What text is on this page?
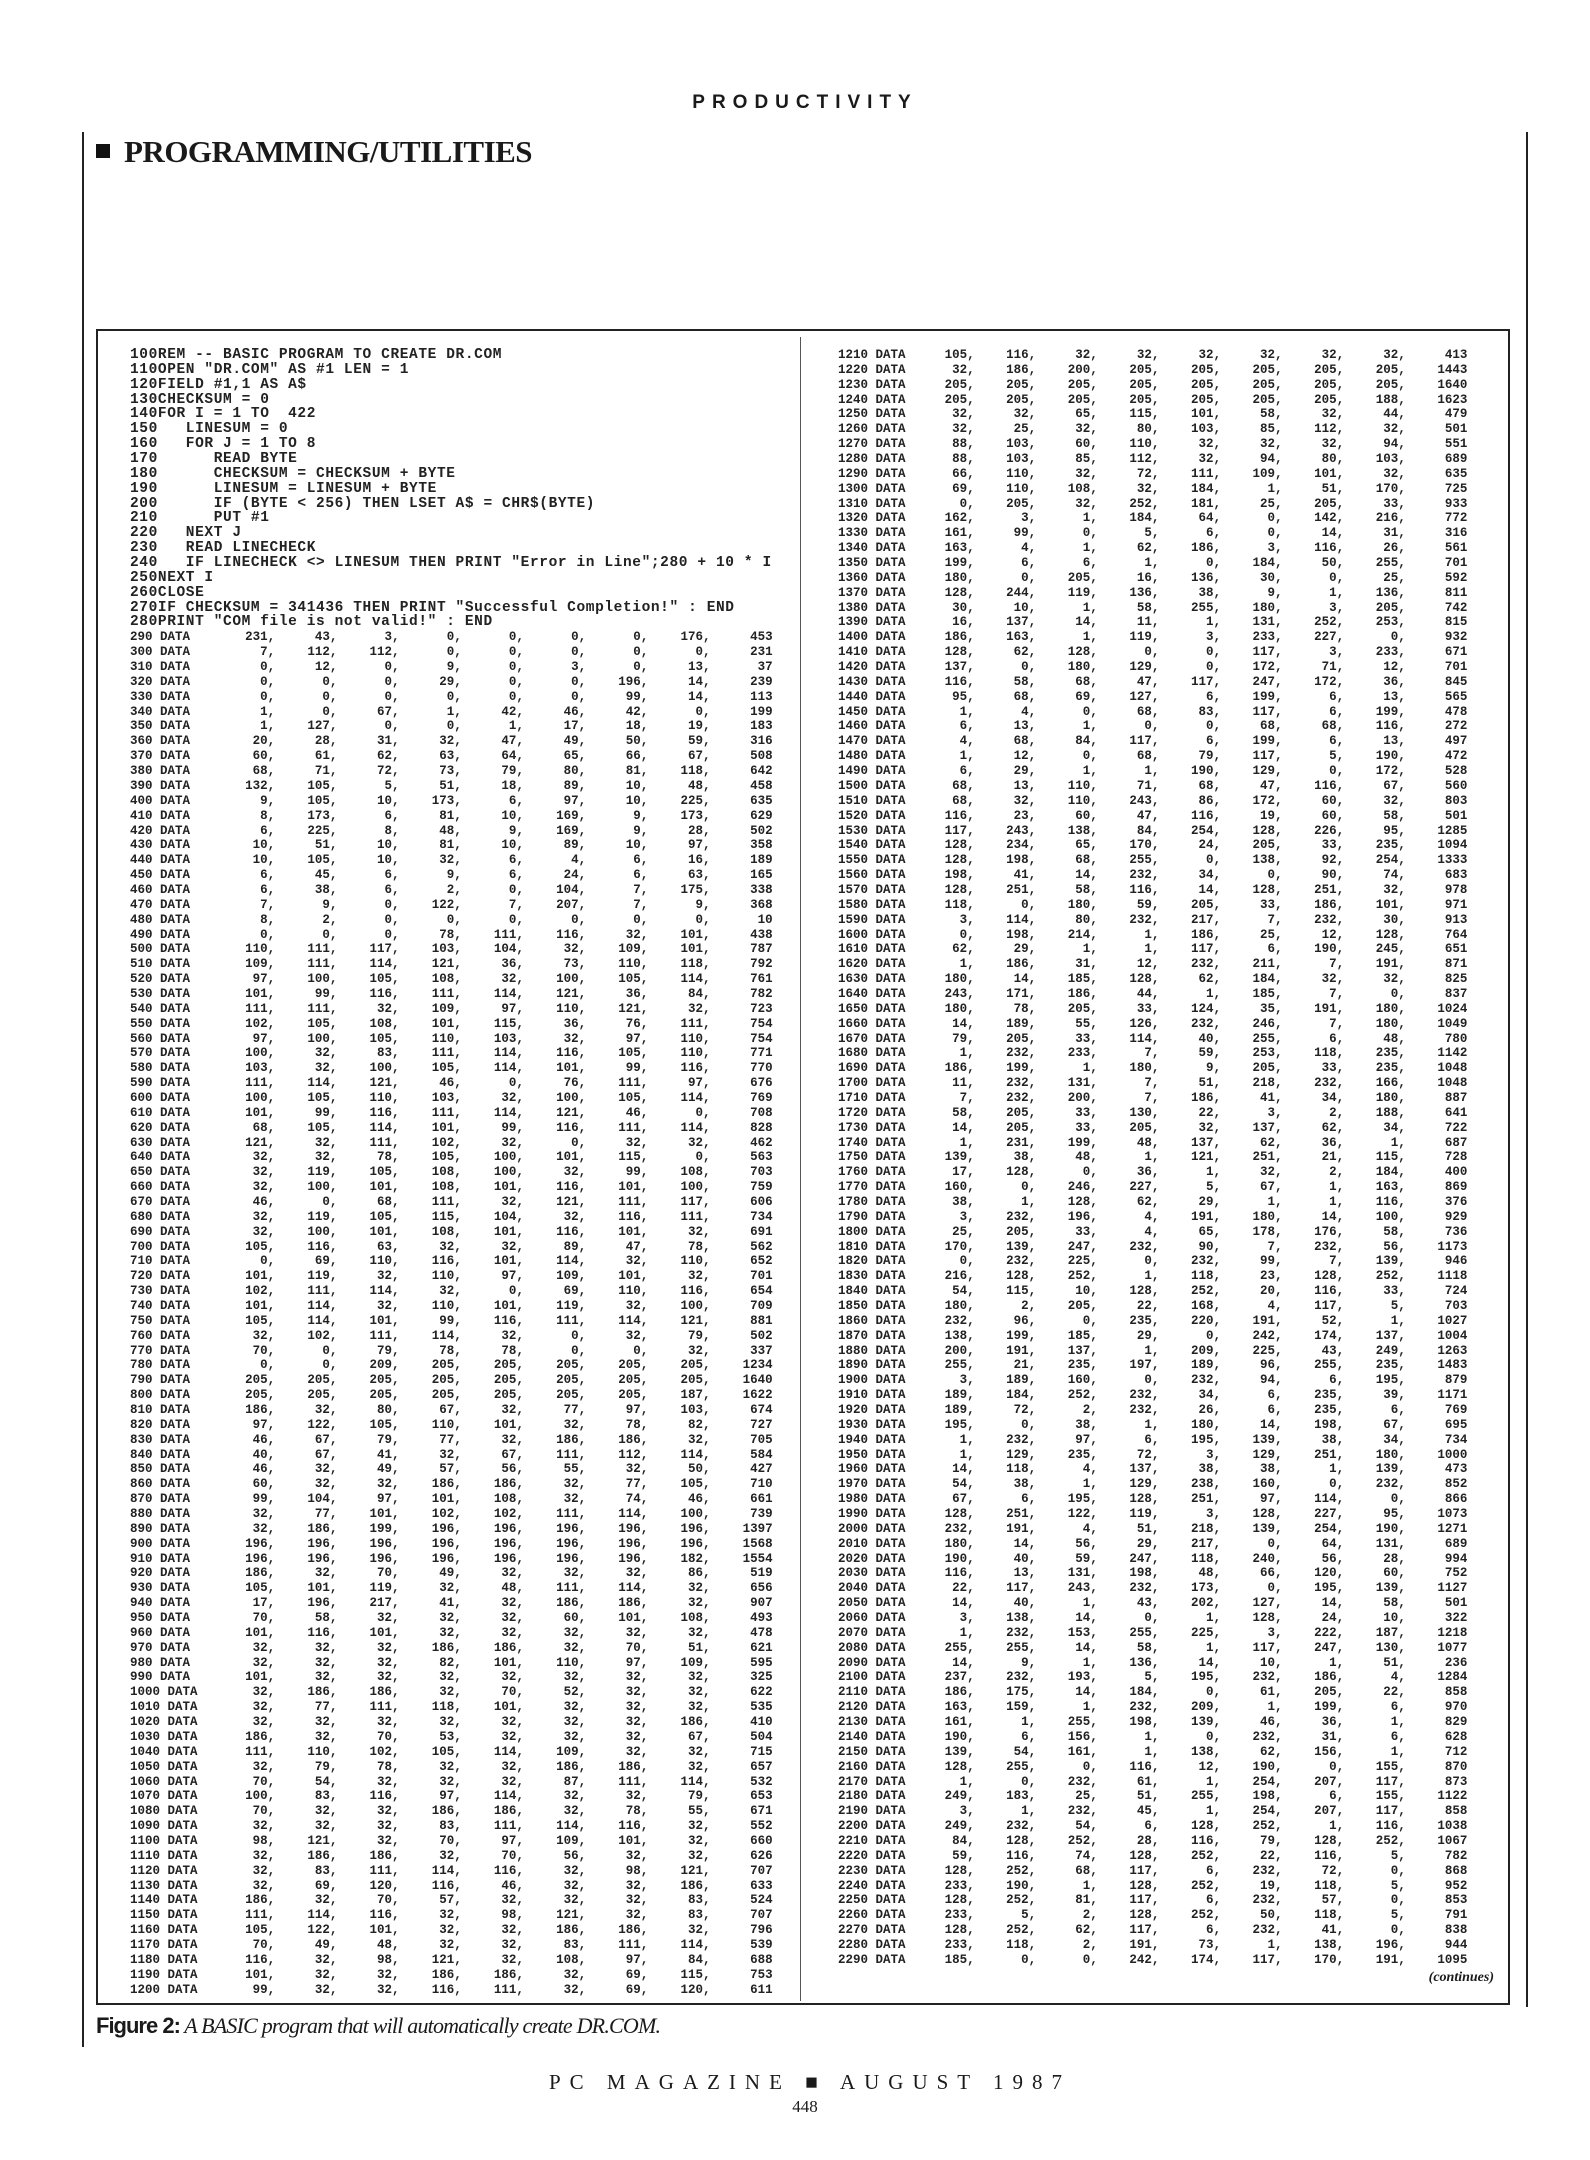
PRODUCTIVITY
PROGRAMMING/UTILITIES
100 REM -- BASIC PROGRAM TO CREATE DR.COM
110 OPEN "DR.COM" AS #1 LEN = 1
120 FIELD #1,1 AS A$
130 CHECKSUM = 0
140 FOR I = 1 TO  422
150 LINESUM = 0
160 FOR J = 1 TO 8
170 READ BYTE
180 CHECKSUM = CHECKSUM + BYTE
190 LINESUM = LINESUM + BYTE
200 IF (BYTE < 256) THEN LSET A$ = CHR$(BYTE)
210 PUT #1
220 NEXT J
230 READ LINECHECK
240 IF LINECHECK <> LINESUM THEN PRINT "Error in Line";280 + 10 * I
250 NEXT I
260 CLOSE
270 IF CHECKSUM = 341436 THEN PRINT "Successful Completion!" : END
280 PRINT "COM file is not valid!" : END
290 DATA	231 ,	43 ,	3 ,	0 ,	0 ,	0 ,	0 ,	176 ,	453
300 DATA	7 ,	112 ,	112 ,	0 ,	0 ,	0 ,	0 ,	0 ,	231
310 DATA	0 ,	12 ,	0 ,	9 ,	0 ,	3 ,	0 ,	13 ,	37
320 DATA	0 ,	0 ,	0 ,	29 ,	0 ,	0 ,	196 ,	14 ,	239
330 DATA	0 ,	0 ,	0 ,	0 ,	0 ,	0 ,	99 ,	14 ,	113
340 DATA	1 ,	0 ,	67 ,	1 ,	42 ,	46 ,	42 ,	0 ,	199
350 DATA	1 ,	127 ,	0 ,	0 ,	1 ,	17 ,	18 ,	19 ,	183
360 DATA	20 ,	28 ,	31 ,	32 ,	47 ,	49 ,	50 ,	59 ,	316
370 DATA	60 ,	61 ,	62 ,	63 ,	64 ,	65 ,	66 ,	67 ,	508
380 DATA	68 ,	71 ,	72 ,	73 ,	79 ,	80 ,	81 ,	118 ,	642
390 DATA	132 ,	105 ,	5 ,	51 ,	18 ,	89 ,	10 ,	48 ,	458
400 DATA	9 ,	105 ,	10 ,	173 ,	6 ,	97 ,	10 ,	225 ,	635
410 DATA	8 ,	173 ,	6 ,	81 ,	10 ,	169 ,	9 ,	173 ,	629
420 DATA	6 ,	225 ,	8 ,	48 ,	9 ,	169 ,	9 ,	28 ,	502
430 DATA	10 ,	51 ,	10 ,	81 ,	10 ,	89 ,	10 ,	97 ,	358
440 DATA	10 ,	105 ,	10 ,	32 ,	6 ,	4 ,	6 ,	16 ,	189
450 DATA	6 ,	45 ,	6 ,	9 ,	6 ,	24 ,	6 ,	63 ,	165
460 DATA	6 ,	38 ,	6 ,	2 ,	0 ,	104 ,	7 ,	175 ,	338
470 DATA	7 ,	9 ,	0 ,	122 ,	7 ,	207 ,	7 ,	9 ,	368
480 DATA	8 ,	2 ,	0 ,	0 ,	0 ,	0 ,	0 ,	0 ,	10
490 DATA	0 ,	0 ,	0 ,	78 ,	111 ,	116 ,	32 ,	101 ,	438
500 DATA	110 ,	111 ,	117 ,	103 ,	104 ,	32 ,	109 ,	101 ,	787
510 DATA	109 ,	111 ,	114 ,	121 ,	36 ,	73 ,	110 ,	118 ,	792
520 DATA	97 ,	100 ,	105 ,	108 ,	32 ,	100 ,	105 ,	114 ,	761
530 DATA	101 ,	99 ,	116 ,	111 ,	114 ,	121 ,	36 ,	84 ,	782
540 DATA	111 ,	111 ,	32 ,	109 ,	97 ,	110 ,	121 ,	32 ,	723
550 DATA	102 ,	105 ,	108 ,	101 ,	115 ,	36 ,	76 ,	111 ,	754
560 DATA	97 ,	100 ,	105 ,	110 ,	103 ,	32 ,	97 ,	110 ,	754
570 DATA	100 ,	32 ,	83 ,	111 ,	114 ,	116 ,	105 ,	110 ,	771
580 DATA	103 ,	32 ,	100 ,	105 ,	114 ,	101 ,	99 ,	116 ,	770
590 DATA	111 ,	114 ,	121 ,	46 ,	0 ,	76 ,	111 ,	97 ,	676
600 DATA	100 ,	105 ,	110 ,	103 ,	32 ,	100 ,	105 ,	114 ,	769
610 DATA	101 ,	99 ,	116 ,	111 ,	114 ,	121 ,	46 ,	0 ,	708
620 DATA	68 ,	105 ,	114 ,	101 ,	99 ,	116 ,	111 ,	114 ,	828
630 DATA	121 ,	32 ,	111 ,	102 ,	32 ,	0 ,	32 ,	32 ,	462
640 DATA	32 ,	32 ,	78 ,	105 ,	100 ,	101 ,	115 ,	0 ,	563
650 DATA	32 ,	119 ,	105 ,	108 ,	100 ,	32 ,	99 ,	108 ,	703
660 DATA	32 ,	100 ,	101 ,	108 ,	101 ,	116 ,	101 ,	100 ,	759
670 DATA	46 ,	0 ,	68 ,	111 ,	32 ,	121 ,	111 ,	117 ,	606
680 DATA	32 ,	119 ,	105 ,	115 ,	104 ,	32 ,	116 ,	111 ,	734
690 DATA	32 ,	100 ,	101 ,	108 ,	101 ,	116 ,	101 ,	32 ,	691
700 DATA	105 ,	116 ,	63 ,	32 ,	32 ,	89 ,	47 ,	78 ,	562
710 DATA	0 ,	69 ,	110 ,	116 ,	101 ,	114 ,	32 ,	110 ,	652
720 DATA	101 ,	119 ,	32 ,	110 ,	97 ,	109 ,	101 ,	32 ,	701
730 DATA	102 ,	111 ,	114 ,	32 ,	0 ,	69 ,	110 ,	116 ,	654
740 DATA	101 ,	114 ,	32 ,	110 ,	101 ,	119 ,	32 ,	100 ,	709
750 DATA	105 ,	114 ,	101 ,	99 ,	116 ,	111 ,	114 ,	121 ,	881
760 DATA	32 ,	102 ,	111 ,	114 ,	32 ,	0 ,	32 ,	79 ,	502
770 DATA	70 ,	0 ,	79 ,	78 ,	78 ,	0 ,	0 ,	32 ,	337
780 DATA	0 ,	0 ,	209 ,	205 ,	205 ,	205 ,	205 ,	205 ,	1234
790 DATA	205 ,	205 ,	205 ,	205 ,	205 ,	205 ,	205 ,	205 ,	1640
800 DATA	205 ,	205 ,	205 ,	205 ,	205 ,	205 ,	205 ,	187 ,	1622
810 DATA	186 ,	32 ,	80 ,	67 ,	32 ,	77 ,	97 ,	103 ,	674
820 DATA	97 ,	122 ,	105 ,	110 ,	101 ,	32 ,	78 ,	82 ,	727
830 DATA	46 ,	67 ,	79 ,	77 ,	32 ,	186 ,	186 ,	32 ,	705
840 DATA	40 ,	67 ,	41 ,	32 ,	67 ,	111 ,	112 ,	114 ,	584
850 DATA	46 ,	32 ,	49 ,	57 ,	56 ,	55 ,	32 ,	50 ,	427
860 DATA	60 ,	32 ,	32 ,	186 ,	186 ,	32 ,	77 ,	105 ,	710
870 DATA	99 ,	104 ,	97 ,	101 ,	108 ,	32 ,	74 ,	46 ,	661
880 DATA	32 ,	77 ,	101 ,	102 ,	102 ,	111 ,	114 ,	100 ,	739
890 DATA	32 ,	186 ,	199 ,	196 ,	196 ,	196 ,	196 ,	196 ,	1397
900 DATA	196 ,	196 ,	196 ,	196 ,	196 ,	196 ,	196 ,	196 ,	1568
910 DATA	196 ,	196 ,	196 ,	196 ,	196 ,	196 ,	196 ,	182 ,	1554
920 DATA	186 ,	32 ,	70 ,	49 ,	32 ,	32 ,	32 ,	86 ,	519
930 DATA	105 ,	101 ,	119 ,	32 ,	48 ,	111 ,	114 ,	32 ,	656
940 DATA	17 ,	196 ,	217 ,	41 ,	32 ,	186 ,	186 ,	32 ,	907
950 DATA	70 ,	58 ,	32 ,	32 ,	32 ,	60 ,	101 ,	108 ,	493
960 DATA	101 ,	116 ,	101 ,	32 ,	32 ,	32 ,	32 ,	32 ,	478
970 DATA	32 ,	32 ,	32 ,	186 ,	186 ,	32 ,	70 ,	51 ,	621
980 DATA	32 ,	32 ,	32 ,	82 ,	101 ,	110 ,	97 ,	109 ,	595
990 DATA	101 ,	32 ,	32 ,	32 ,	32 ,	32 ,	32 ,	32 ,	325
1000 DATA	32 ,	186 ,	186 ,	32 ,	70 ,	52 ,	32 ,	32 ,	622
1010 DATA	32 ,	77 ,	111 ,	118 ,	101 ,	32 ,	32 ,	32 ,	535
1020 DATA	32 ,	32 ,	32 ,	32 ,	32 ,	32 ,	32 ,	186 ,	410
1030 DATA	186 ,	32 ,	70 ,	53 ,	32 ,	32 ,	32 ,	67 ,	504
1040 DATA	111 ,	110 ,	102 ,	105 ,	114 ,	109 ,	32 ,	32 ,	715
1050 DATA	32 ,	79 ,	78 ,	32 ,	32 ,	186 ,	186 ,	32 ,	657
1060 DATA	70 ,	54 ,	32 ,	32 ,	32 ,	87 ,	111 ,	114 ,	532
1070 DATA	100 ,	83 ,	116 ,	97 ,	114 ,	32 ,	32 ,	79 ,	653
1080 DATA	70 ,	32 ,	32 ,	186 ,	186 ,	32 ,	78 ,	55 ,	671
1090 DATA	32 ,	32 ,	32 ,	83 ,	111 ,	114 ,	116 ,	32 ,	552
1100 DATA	98 ,	121 ,	32 ,	70 ,	97 ,	109 ,	101 ,	32 ,	660
1110 DATA	32 ,	186 ,	186 ,	32 ,	70 ,	56 ,	32 ,	32 ,	626
1120 DATA	32 ,	83 ,	111 ,	114 ,	116 ,	32 ,	98 ,	121 ,	707
1130 DATA	32 ,	69 ,	120 ,	116 ,	46 ,	32 ,	32 ,	186 ,	633
1140 DATA	186 ,	32 ,	70 ,	57 ,	32 ,	32 ,	32 ,	83 ,	524
1150 DATA	111 ,	114 ,	116 ,	32 ,	98 ,	121 ,	32 ,	83 ,	707
1160 DATA	105 ,	122 ,	101 ,	32 ,	32 ,	186 ,	186 ,	32 ,	796
1170 DATA	70 ,	49 ,	48 ,	32 ,	32 ,	83 ,	111 ,	114 ,	539
1180 DATA	116 ,	32 ,	98 ,	121 ,	32 ,	108 ,	97 ,	84 ,	688
1190 DATA	101 ,	32 ,	32 ,	186 ,	186 ,	32 ,	69 ,	115 ,	753
1200 DATA	99 ,	32 ,	32 ,	116 ,	111 ,	32 ,	69 ,	120 ,	611
1210 DATA	105 ,	116 ,	32 ,	32 ,	32 ,	32 ,	32 ,	32 ,	413
1220 DATA	32 ,	186 ,	200 ,	205 ,	205 ,	205 ,	205 ,	205 ,	1443
1230 DATA	205 ,	205 ,	205 ,	205 ,	205 ,	205 ,	205 ,	205 ,	1640
1240 DATA	205 ,	205 ,	205 ,	205 ,	205 ,	205 ,	205 ,	188 ,	1623
1250 DATA	32 ,	32 ,	65 ,	115 ,	101 ,	58 ,	32 ,	44 ,	479
1260 DATA	32 ,	25 ,	32 ,	80 ,	103 ,	85 ,	112 ,	32 ,	501
1270 DATA	88 ,	103 ,	60 ,	110 ,	32 ,	32 ,	32 ,	94 ,	551
1280 DATA	88 ,	103 ,	85 ,	112 ,	32 ,	94 ,	80 ,	103 ,	689
1290 DATA	66 ,	110 ,	32 ,	72 ,	111 ,	109 ,	101 ,	32 ,	635
1300 DATA	69 ,	110 ,	108 ,	32 ,	184 ,	1 ,	51 ,	170 ,	725
1310 DATA	0 ,	205 ,	32 ,	252 ,	181 ,	25 ,	205 ,	33 ,	933
1320 DATA	162 ,	3 ,	1 ,	184 ,	64 ,	0 ,	142 ,	216 ,	772
1330 DATA	161 ,	99 ,	0 ,	5 ,	6 ,	0 ,	14 ,	31 ,	316
1340 DATA	163 ,	4 ,	1 ,	62 ,	186 ,	3 ,	116 ,	26 ,	561
1350 DATA	199 ,	6 ,	6 ,	1 ,	0 ,	184 ,	50 ,	255 ,	701
1360 DATA	180 ,	0 ,	205 ,	16 ,	136 ,	30 ,	0 ,	25 ,	592
1370 DATA	128 ,	244 ,	119 ,	136 ,	38 ,	9 ,	1 ,	136 ,	811
1380 DATA	30 ,	10 ,	1 ,	58 ,	255 ,	180 ,	3 ,	205 ,	742
1390 DATA	16 ,	137 ,	14 ,	11 ,	1 ,	131 ,	252 ,	253 ,	815
1400 DATA	186 ,	163 ,	1 ,	119 ,	3 ,	233 ,	227 ,	0 ,	932
1410 DATA	128 ,	62 ,	128 ,	0 ,	0 ,	117 ,	3 ,	233 ,	671
1420 DATA	137 ,	0 ,	180 ,	129 ,	0 ,	172 ,	71 ,	12 ,	701
1430 DATA	116 ,	58 ,	68 ,	47 ,	117 ,	247 ,	172 ,	36 ,	845
1440 DATA	95 ,	68 ,	69 ,	127 ,	6 ,	199 ,	6 ,	13 ,	565
1450 DATA	1 ,	4 ,	0 ,	68 ,	83 ,	117 ,	6 ,	199 ,	478
1460 DATA	6 ,	13 ,	1 ,	0 ,	0 ,	68 ,	68 ,	116 ,	272
1470 DATA	4 ,	68 ,	84 ,	117 ,	6 ,	199 ,	6 ,	13 ,	497
1480 DATA	1 ,	12 ,	0 ,	68 ,	79 ,	117 ,	5 ,	190 ,	472
1490 DATA	6 ,	29 ,	1 ,	1 ,	190 ,	129 ,	0 ,	172 ,	528
1500 DATA	68 ,	13 ,	110 ,	71 ,	68 ,	47 ,	116 ,	67 ,	560
1510 DATA	68 ,	32 ,	110 ,	243 ,	86 ,	172 ,	60 ,	32 ,	803
1520 DATA	116 ,	23 ,	60 ,	47 ,	116 ,	19 ,	60 ,	58 ,	501
1530 DATA	117 ,	243 ,	138 ,	84 ,	254 ,	128 ,	226 ,	95 ,	1285
1540 DATA	128 ,	234 ,	65 ,	170 ,	24 ,	205 ,	33 ,	235 ,	1094
1550 DATA	128 ,	198 ,	68 ,	255 ,	0 ,	138 ,	92 ,	254 ,	1333
1560 DATA	198 ,	41 ,	14 ,	232 ,	34 ,	0 ,	90 ,	74 ,	683
1570 DATA	128 ,	251 ,	58 ,	116 ,	14 ,	128 ,	251 ,	32 ,	978
1580 DATA	118 ,	0 ,	180 ,	59 ,	205 ,	33 ,	186 ,	101 ,	971
1590 DATA	3 ,	114 ,	80 ,	232 ,	217 ,	7 ,	232 ,	30 ,	913
1600 DATA	0 ,	198 ,	214 ,	1 ,	186 ,	25 ,	12 ,	128 ,	764
1610 DATA	62 ,	29 ,	1 ,	1 ,	117 ,	6 ,	190 ,	245 ,	651
1620 DATA	1 ,	186 ,	31 ,	12 ,	232 ,	211 ,	7 ,	191 ,	871
1630 DATA	180 ,	14 ,	185 ,	128 ,	62 ,	184 ,	32 ,	32 ,	825
1640 DATA	243 ,	171 ,	186 ,	44 ,	1 ,	185 ,	7 ,	0 ,	837
1650 DATA	180 ,	78 ,	205 ,	33 ,	124 ,	35 ,	191 ,	180 ,	1024
1660 DATA	14 ,	189 ,	55 ,	126 ,	232 ,	246 ,	7 ,	180 ,	1049
1670 DATA	79 ,	205 ,	33 ,	114 ,	40 ,	255 ,	6 ,	48 ,	780
1680 DATA	1 ,	232 ,	233 ,	7 ,	59 ,	253 ,	118 ,	235 ,	1142
1690 DATA	186 ,	199 ,	1 ,	180 ,	9 ,	205 ,	33 ,	235 ,	1048
1700 DATA	11 ,	232 ,	131 ,	7 ,	51 ,	218 ,	232 ,	166 ,	1048
1710 DATA	7 ,	232 ,	200 ,	7 ,	186 ,	41 ,	34 ,	180 ,	887
1720 DATA	58 ,	205 ,	33 ,	130 ,	22 ,	3 ,	2 ,	188 ,	641
1730 DATA	14 ,	205 ,	33 ,	205 ,	32 ,	137 ,	62 ,	34 ,	722
1740 DATA	1 ,	231 ,	199 ,	48 ,	137 ,	62 ,	36 ,	1 ,	687
1750 DATA	139 ,	38 ,	48 ,	1 ,	121 ,	251 ,	21 ,	115 ,	728
1760 DATA	17 ,	128 ,	0 ,	36 ,	1 ,	32 ,	2 ,	184 ,	400
1770 DATA	160 ,	0 ,	246 ,	227 ,	5 ,	67 ,	1 ,	163 ,	869
1780 DATA	38 ,	1 ,	128 ,	62 ,	29 ,	1 ,	1 ,	116 ,	376
1790 DATA	3 ,	232 ,	196 ,	4 ,	191 ,	180 ,	14 ,	100 ,	929
1800 DATA	25 ,	205 ,	33 ,	4 ,	65 ,	178 ,	176 ,	58 ,	736
1810 DATA	170 ,	139 ,	247 ,	232 ,	90 ,	7 ,	232 ,	56 ,	1173
1820 DATA	0 ,	232 ,	225 ,	0 ,	232 ,	99 ,	7 ,	139 ,	946
1830 DATA	216 ,	128 ,	252 ,	1 ,	118 ,	23 ,	128 ,	252 ,	1118
1840 DATA	54 ,	115 ,	10 ,	128 ,	252 ,	20 ,	116 ,	33 ,	724
1850 DATA	180 ,	2 ,	205 ,	22 ,	168 ,	4 ,	117 ,	5 ,	703
1860 DATA	232 ,	96 ,	0 ,	235 ,	220 ,	191 ,	52 ,	1 ,	1027
1870 DATA	138 ,	199 ,	185 ,	29 ,	0 ,	242 ,	174 ,	137 ,	1004
1880 DATA	200 ,	191 ,	137 ,	1 ,	209 ,	225 ,	43 ,	249 ,	1263
1890 DATA	255 ,	21 ,	235 ,	197 ,	189 ,	96 ,	255 ,	235 ,	1483
1900 DATA	3 ,	189 ,	160 ,	0 ,	232 ,	94 ,	6 ,	195 ,	879
1910 DATA	189 ,	184 ,	252 ,	232 ,	34 ,	6 ,	235 ,	39 ,	1171
1920 DATA	189 ,	72 ,	2 ,	232 ,	26 ,	6 ,	235 ,	6 ,	769
1930 DATA	195 ,	0 ,	38 ,	1 ,	180 ,	14 ,	198 ,	67 ,	695
1940 DATA	1 ,	232 ,	97 ,	6 ,	195 ,	139 ,	38 ,	34 ,	734
1950 DATA	1 ,	129 ,	235 ,	72 ,	3 ,	129 ,	251 ,	180 ,	1000
1960 DATA	14 ,	118 ,	4 ,	137 ,	38 ,	38 ,	1 ,	139 ,	473
1970 DATA	54 ,	38 ,	1 ,	129 ,	238 ,	160 ,	0 ,	232 ,	852
1980 DATA	67 ,	6 ,	195 ,	128 ,	251 ,	97 ,	114 ,	0 ,	866
1990 DATA	128 ,	251 ,	122 ,	119 ,	3 ,	128 ,	227 ,	95 ,	1073
2000 DATA	232 ,	191 ,	4 ,	51 ,	218 ,	139 ,	254 ,	190 ,	1271
2010 DATA	180 ,	14 ,	56 ,	29 ,	217 ,	0 ,	64 ,	131 ,	689
2020 DATA	190 ,	40 ,	59 ,	247 ,	118 ,	240 ,	56 ,	28 ,	994
2030 DATA	116 ,	13 ,	131 ,	198 ,	48 ,	66 ,	120 ,	60 ,	752
2040 DATA	22 ,	117 ,	243 ,	232 ,	173 ,	0 ,	195 ,	139 ,	1127
2050 DATA	14 ,	40 ,	1 ,	43 ,	202 ,	127 ,	14 ,	58 ,	501
2060 DATA	3 ,	138 ,	14 ,	0 ,	1 ,	128 ,	24 ,	10 ,	322
2070 DATA	1 ,	232 ,	153 ,	255 ,	225 ,	3 ,	222 ,	187 ,	1218
2080 DATA	255 ,	255 ,	14 ,	58 ,	1 ,	117 ,	247 ,	130 ,	1077
2090 DATA	14 ,	9 ,	1 ,	136 ,	14 ,	10 ,	1 ,	51 ,	236
2100 DATA	237 ,	232 ,	193 ,	5 ,	195 ,	232 ,	186 ,	4 ,	1284
2110 DATA	186 ,	175 ,	14 ,	184 ,	0 ,	61 ,	205 ,	22 ,	858
2120 DATA	163 ,	159 ,	1 ,	232 ,	209 ,	1 ,	199 ,	6 ,	970
2130 DATA	161 ,	1 ,	255 ,	198 ,	139 ,	46 ,	36 ,	1 ,	829
2140 DATA	190 ,	6 ,	156 ,	1 ,	0 ,	232 ,	31 ,	6 ,	628
2150 DATA	139 ,	54 ,	161 ,	1 ,	138 ,	62 ,	156 ,	1 ,	712
2160 DATA	128 ,	255 ,	0 ,	116 ,	12 ,	190 ,	0 ,	155 ,	870
2170 DATA	1 ,	0 ,	232 ,	61 ,	1 ,	254 ,	207 ,	117 ,	873
2180 DATA	249 ,	183 ,	25 ,	51 ,	255 ,	198 ,	6 ,	155 ,	1122
2190 DATA	3 ,	1 ,	232 ,	45 ,	1 ,	254 ,	207 ,	117 ,	858
2200 DATA	249 ,	232 ,	54 ,	6 ,	128 ,	252 ,	1 ,	116 ,	1038
2210 DATA	84 ,	128 ,	252 ,	28 ,	116 ,	79 ,	128 ,	252 ,	1067
2220 DATA	59 ,	116 ,	74 ,	128 ,	252 ,	22 ,	116 ,	5 ,	782
2230 DATA	128 ,	252 ,	68 ,	117 ,	6 ,	232 ,	72 ,	0 ,	868
2240 DATA	233 ,	190 ,	1 ,	128 ,	252 ,	19 ,	118 ,	5 ,	952
2250 DATA	128 ,	252 ,	81 ,	117 ,	6 ,	232 ,	57 ,	0 ,	853
2260 DATA	233 ,	5 ,	2 ,	128 ,	252 ,	50 ,	118 ,	5 ,	791
2270 DATA	128 ,	252 ,	62 ,	117 ,	6 ,	232 ,	41 ,	0 ,	838
2280 DATA	233 ,	118 ,	2 ,	191 ,	73 ,	1 ,	138 ,	196 ,	944
2290 DATA	185 ,	0 ,	0 ,	242 ,	174 ,	117 ,	170 ,	191 ,	1095
(continues)
Figure 2: A BASIC program that will automatically create DR.COM.
PC MAGAZINE ■ AUGUST 1987
448
